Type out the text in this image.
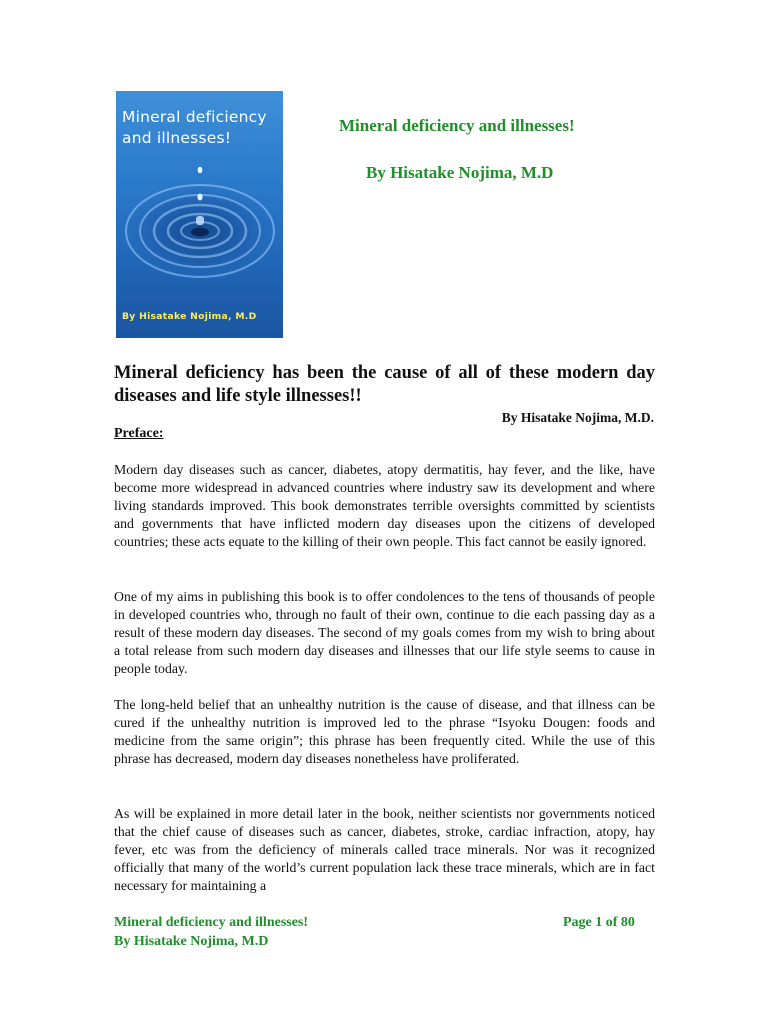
Mineral deficiency
and illnesses!
By Hisatake Nojima, M.D
Mineral deficiency and illnesses!
By Hisatake Nojima, M.D
Mineral deficiency has been the cause of all of these modern day diseases and life style illnesses!!
By Hisatake Nojima, M.D.
Preface:

Modern day diseases such as cancer, diabetes, atopy dermatitis, hay fever, and the like, have become more widespread in advanced countries where industry saw its development and where living standards improved. This book demonstrates terrible oversights committed by scientists and governments that have inflicted modern day diseases upon the citizens of developed countries; these acts equate to the killing of their own people. This fact cannot be easily ignored.

One of my aims in publishing this book is to offer condolences to the tens of thousands of people in developed countries who, through no fault of their own, continue to die each passing day as a result of these modern day diseases. The second of my goals comes from my wish to bring about a total release from such modern day diseases and illnesses that our life style seems to cause in people today.

The long-held belief that an unhealthy nutrition is the cause of disease, and that illness can be cured if the unhealthy nutrition is improved led to the phrase “Isyoku Dougen: foods and medicine from the same origin”; this phrase has been frequently cited. While the use of this phrase has decreased, modern day diseases nonetheless have proliferated.

As will be explained in more detail later in the book, neither scientists nor governments noticed that the chief cause of diseases such as cancer, diabetes, stroke, cardiac infraction, atopy, hay fever, etc was from the deficiency of minerals called trace minerals. Nor was it recognized officially that many of the world’s current population lack these trace minerals, which are in fact necessary for maintaining a

Mineral deficiency and illnesses!
By Hisatake Nojima, M.D
Page 1 of 80
